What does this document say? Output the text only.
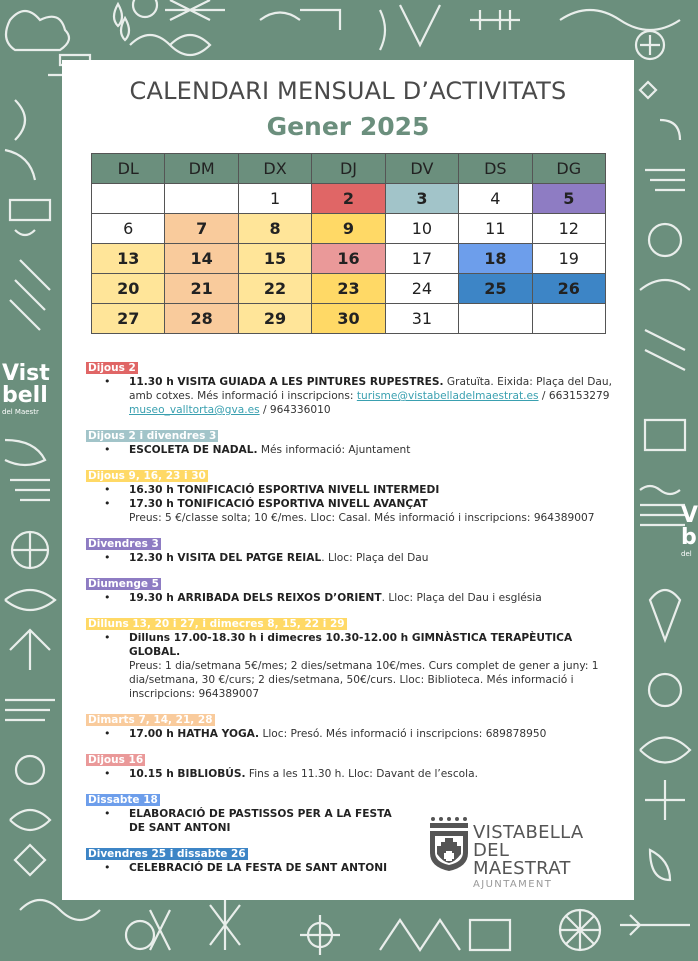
Vist
bell
del Maestr
V
b
del
CALENDARI MENSUAL D’ACTIVITATS
Gener 2025
DL	DM	DX	DJ	DV	DS	DG
		1	2	3	4	5
6	7	8	9	10	11	12
13	14	15	16	17	18	19
20	21	22	23	24	25	26
27	28	29	30	31		
Dijous 2
• 11.30 h VISITA GUIADA A LES PINTURES RUPESTRES. Gratuïta. Eixida: Plaça del Dau, amb cotxes. Més informació i inscripcions: turisme@vistabelladelmaestrat.es / 663153279 museo_valltorta@gva.es / 964336010
Dijous 2 i divendres 3
• ESCOLETA DE NADAL. Més informació: Ajuntament
Dijous 9, 16, 23 i 30
• 16.30 h TONIFICACIÓ ESPORTIVA NIVELL INTERMEDI
• 17.30 h TONIFICACIÓ ESPORTIVA NIVELL AVANÇAT
Preus: 5 €/classe solta; 10 €/mes. Lloc: Casal. Més informació i inscripcions: 964389007
Divendres 3
• 12.30 h VISITA DEL PATGE REIAL. Lloc: Plaça del Dau
Diumenge 5
• 19.30 h ARRIBADA DELS REIXOS D’ORIENT. Lloc: Plaça del Dau i església
Dilluns 13, 20 i 27, i dimecres 8, 15, 22 i 29
• Dilluns 17.00-18.30 h i dimecres 10.30-12.00 h GIMNÀSTICA TERAPÈUTICA GLOBAL.
Preus: 1 dia/setmana 5€/mes; 2 dies/setmana 10€/mes. Curs complet de gener a juny: 1 dia/setmana, 30 €/curs; 2 dies/setmana, 50€/curs. Lloc: Biblioteca. Més informació i inscripcions: 964389007
Dimarts 7, 14, 21, 28
• 17.00 h HATHA YOGA. Lloc: Presó. Més informació i inscripcions: 689878950
Dijous 16
• 10.15 h BIBLIOBÚS. Fins a les 11.30 h. Lloc: Davant de l’escola.
Dissabte 18
• ELABORACIÓ DE PASTISSOS PER A LA FESTA DE SANT ANTONI
Divendres 25 i dissabte 26
• CELEBRACIÓ DE LA FESTA DE SANT ANTONI
VISTABELLA
DEL MAESTRAT
AJUNTAMENT
